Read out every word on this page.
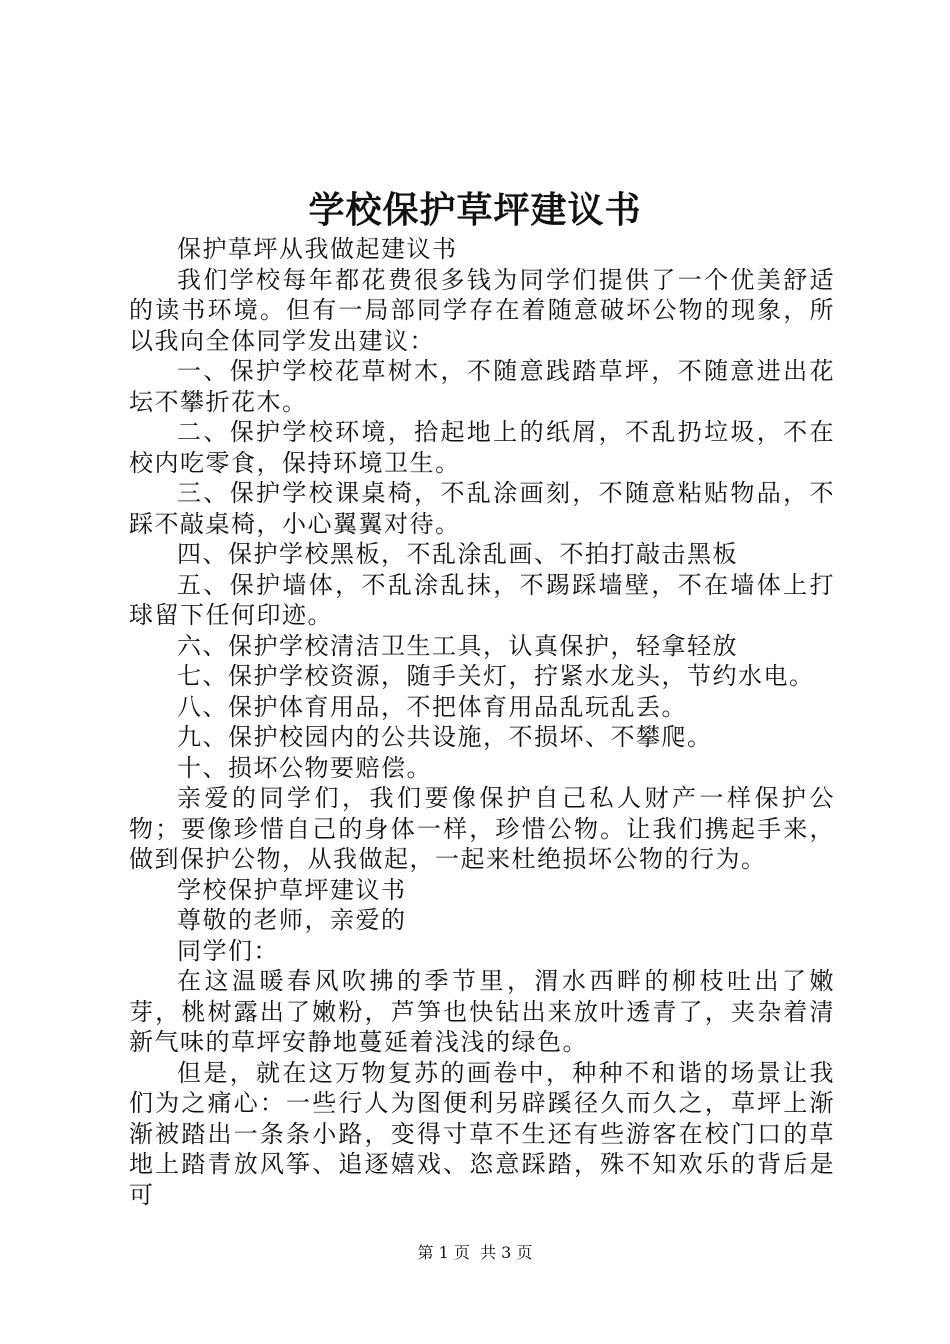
学校保护草坪建议书

保护草坪从我做起建议书

我们学校每年都花费很多钱为同学们提供了一个优美舒适的读书环境。但有一局部同学存在着随意破坏公物的现象，所以我向全体同学发出建议：

一、保护学校花草树木，不随意践踏草坪，不随意进出花坛不攀折花木。

二、保护学校环境，拾起地上的纸屑，不乱扔垃圾，不在校内吃零食，保持环境卫生。

三、保护学校课桌椅，不乱涂画刻，不随意粘贴物品，不踩不敲桌椅，小心翼翼对待。

四、保护学校黑板，不乱涂乱画、不拍打敲击黑板

五、保护墙体，不乱涂乱抹，不踢踩墙壁，不在墙体上打球留下任何印迹。

六、保护学校清洁卫生工具，认真保护，轻拿轻放

七、保护学校资源，随手关灯，拧紧水龙头，节约水电。

八、保护体育用品，不把体育用品乱玩乱丢。

九、保护校园内的公共设施，不损坏、不攀爬。

十、损坏公物要赔偿。

亲爱的同学们，我们要像保护自己私人财产一样保护公物；要像珍惜自己的身体一样，珍惜公物。让我们携起手来，做到保护公物，从我做起，一起来杜绝损坏公物的行为。

学校保护草坪建议书

尊敬的老师，亲爱的

同学们：

在这温暖春风吹拂的季节里，渭水西畔的柳枝吐出了嫩芽，桃树露出了嫩粉，芦笋也快钻出来放叶透青了，夹杂着清新气味的草坪安静地蔓延着浅浅的绿色。

但是，就在这万物复苏的画卷中，种种不和谐的场景让我们为之痛心：一些行人为图便利另辟蹊径久而久之，草坪上渐渐被踏出一条条小路，变得寸草不生还有些游客在校门口的草地上踏青放风筝、追逐嬉戏、恣意踩踏，殊不知欢乐的背后是可

第 1 页  共 3 页
